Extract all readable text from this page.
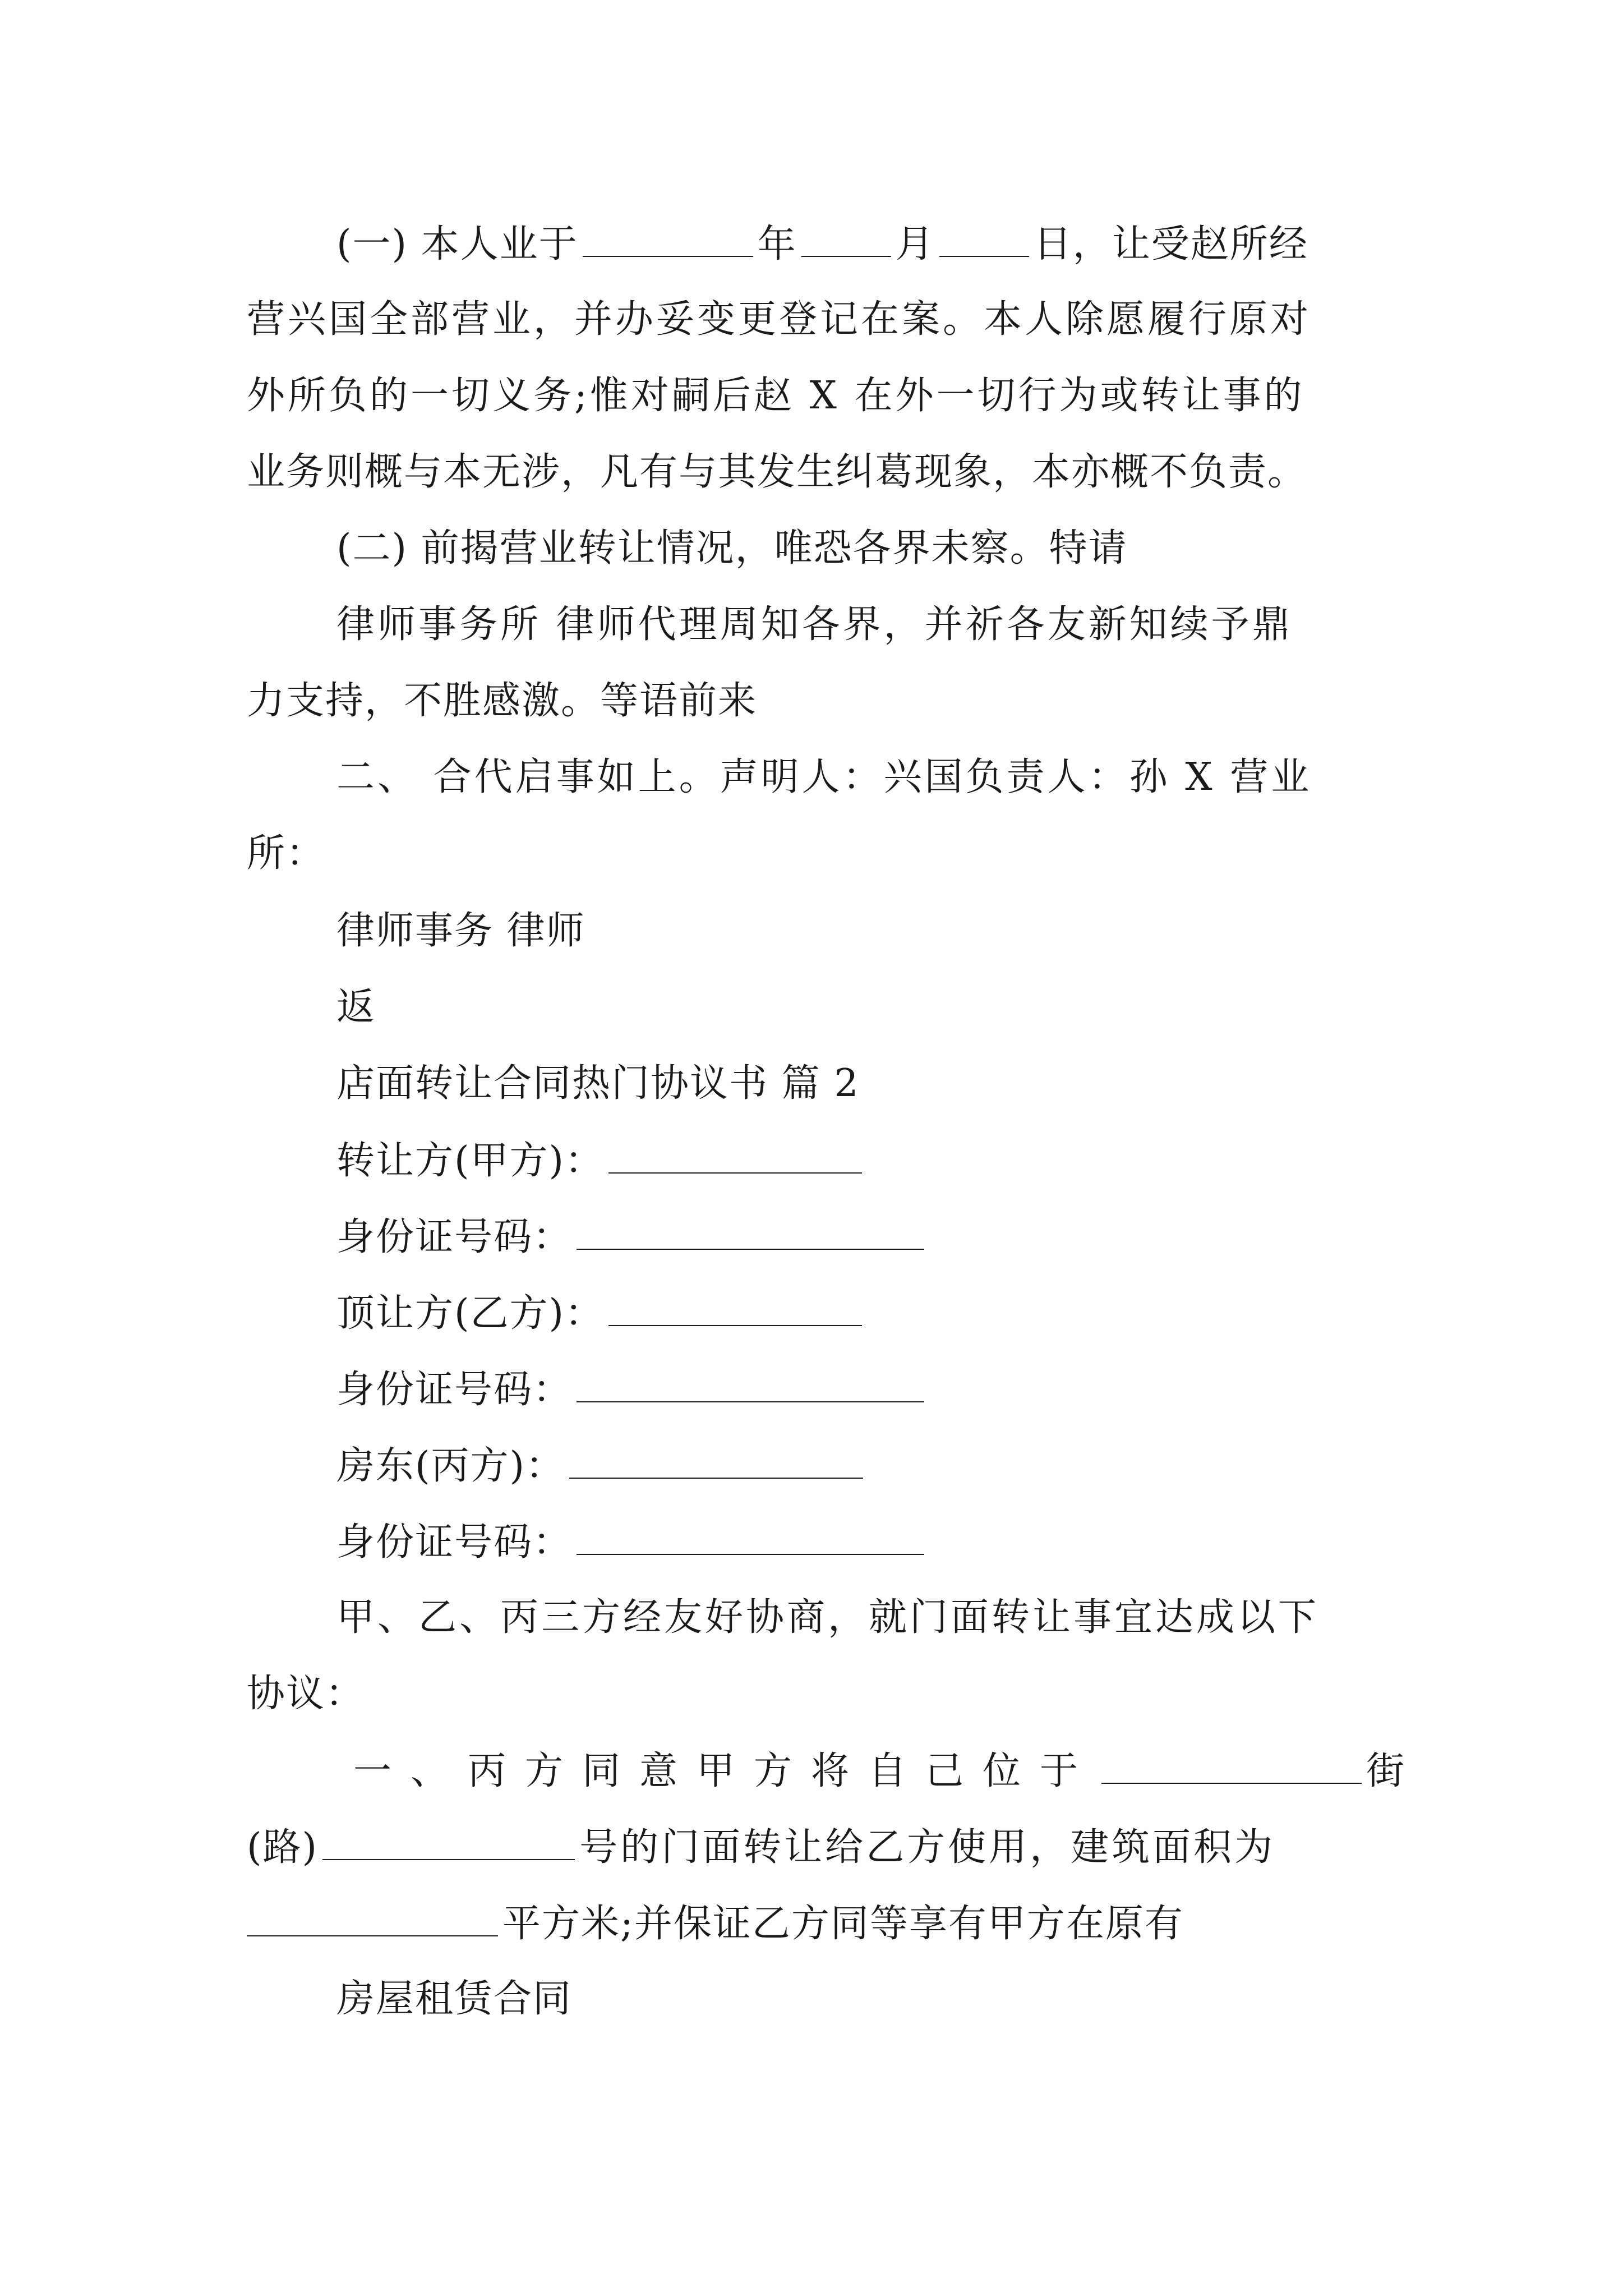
(一) 本人业于	年	月	日，让受赵所经
营兴国全部营业，并办妥变更登记在案。本人除愿履行原对
外所负的一切义务;惟对嗣后赵 X 在外一切行为或转让事的
业务则概与本无涉，凡有与其发生纠葛现象，本亦概不负责。
(二) 前揭营业转让情况，唯恐各界未察。特请
律师事务所 律师代理周知各界，并祈各友新知续予鼎
力支持，不胜感激。等语前来
二、 合代启事如上。声明人：兴国负责人：孙 X 营业
所：
律师事务 律师
返
店面转让合同热门协议书 篇 2
转让方(甲方)：
身份证号码：
顶让方(乙方)：
身份证号码：
房东(丙方)：
身份证号码：
甲、乙、丙三方经友好协商，就门面转让事宜达成以下
协议：
一、丙方同意甲方将自己位于	街
(路)	号的门面转让给乙方使用，建筑面积为
平方米;并保证乙方同等享有甲方在原有
房屋租赁合同
